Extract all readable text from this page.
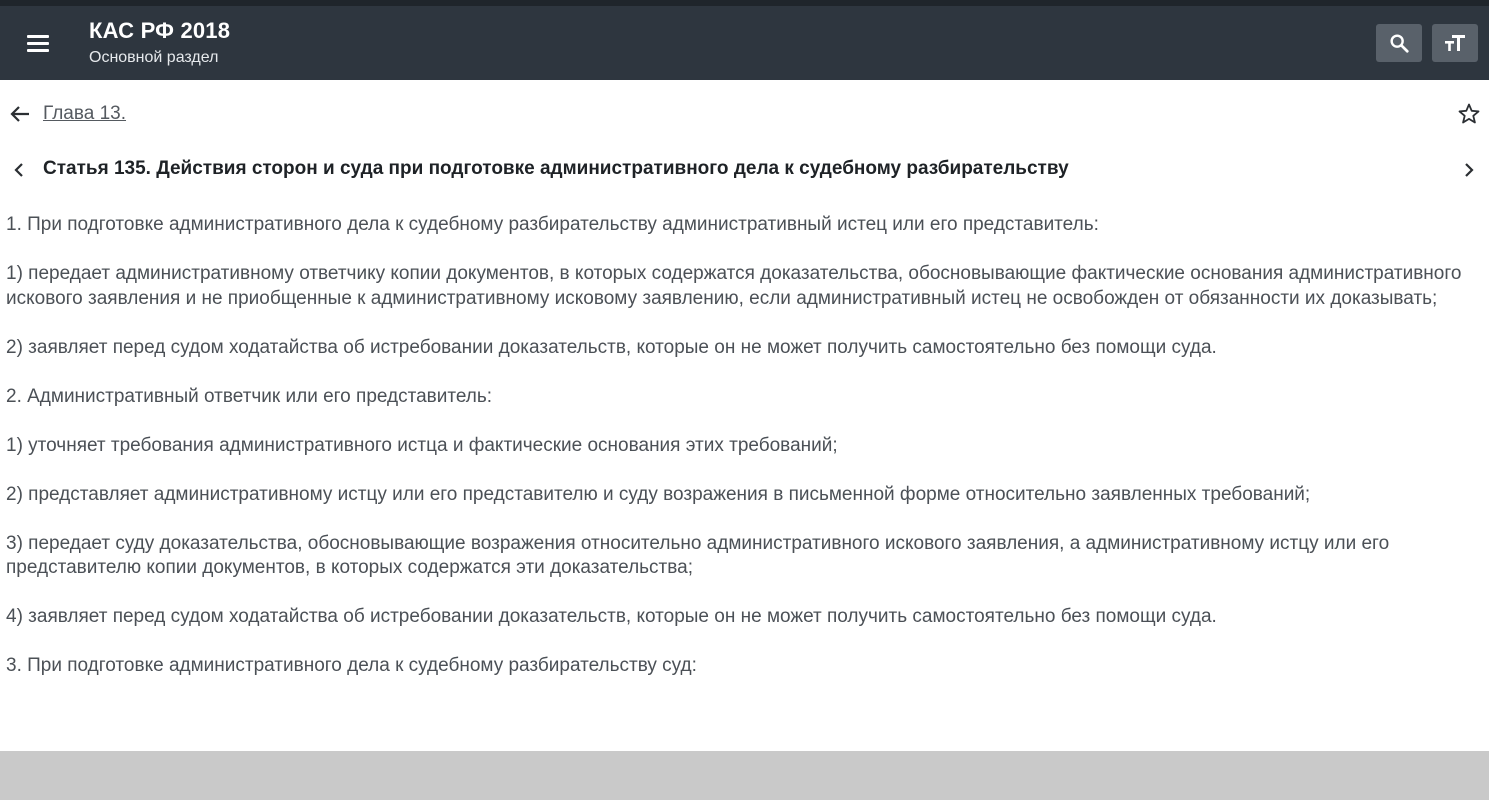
КАС РФ 2018
Основной раздел
Глава 13.
Статья 135. Действия сторон и суда при подготовке административного дела к судебному разбирательству

1. При подготовке административного дела к судебному разбирательству административный истец или его представитель:

1) передает административному ответчику копии документов, в которых содержатся доказательства, обосновывающие фактические основания административного искового заявления и не приобщенные к административному исковому заявлению, если административный истец не освобожден от обязанности их доказывать;

2) заявляет перед судом ходатайства об истребовании доказательств, которые он не может получить самостоятельно без помощи суда.

2. Административный ответчик или его представитель:

1) уточняет требования административного истца и фактические основания этих требований;

2) представляет административному истцу или его представителю и суду возражения в письменной форме относительно заявленных требований;

3) передает суду доказательства, обосновывающие возражения относительно административного искового заявления, а административному истцу или его представителю копии документов, в которых содержатся эти доказательства;

4) заявляет перед судом ходатайства об истребовании доказательств, которые он не может получить самостоятельно без помощи суда.

3. При подготовке административного дела к судебному разбирательству суд:
